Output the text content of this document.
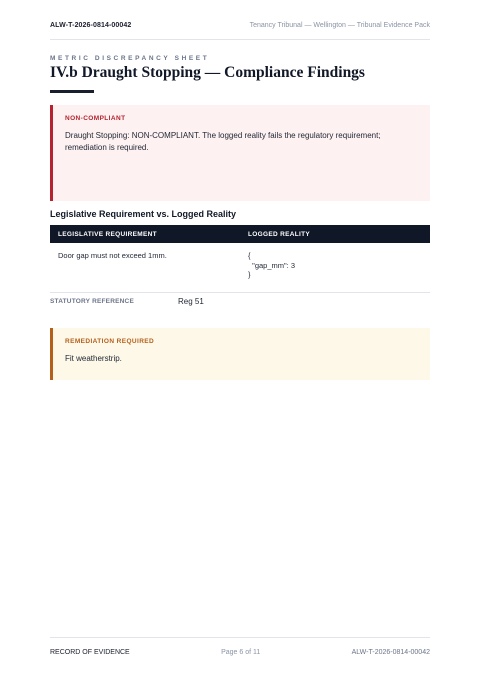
ALW-T-2026-0814-00042	Tenancy Tribunal — Wellington — Tribunal Evidence Pack
METRIC DISCREPANCY SHEET
IV.b Draught Stopping — Compliance Findings
NON-COMPLIANT
Draught Stopping: NON-COMPLIANT. The logged reality fails the regulatory requirement; remediation is required.
Legislative Requirement vs. Logged Reality
LEGISLATIVE REQUIREMENT	LOGGED REALITY
Door gap must not exceed 1mm.	{
"gap_mm": 3
}
STATUTORY REFERENCE	Reg 51
REMEDIATION REQUIRED
Fit weatherstrip.
RECORD OF EVIDENCE	Page 6 of 11	ALW-T-2026-0814-00042
